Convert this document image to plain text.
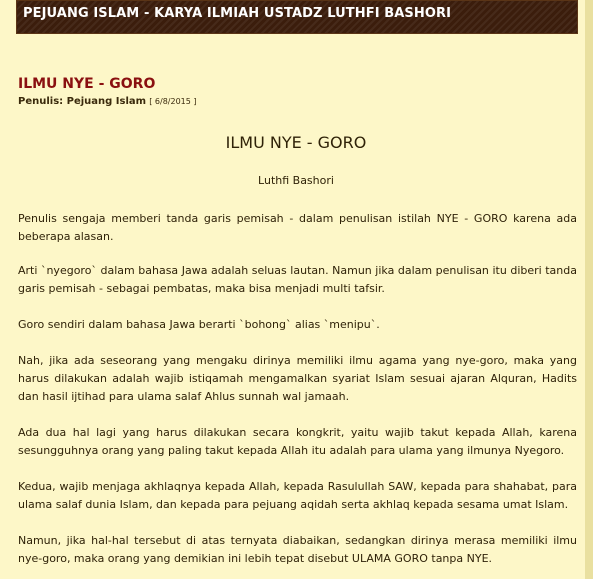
PEJUANG ISLAM - KARYA ILMIAH USTADZ LUTHFI BASHORI
ILMU NYE - GORO
Penulis: Pejuang Islam [ 6/8/2015 ]
ILMU NYE - GORO
Luthfi Bashori

Penulis sengaja memberi tanda garis pemisah - dalam penulisan istilah NYE - GORO karena ada beberapa alasan.

Arti `nyegoro` dalam bahasa Jawa adalah seluas lautan. Namun jika dalam penulisan itu diberi tanda garis pemisah - sebagai pembatas, maka bisa menjadi multi tafsir.

Goro sendiri dalam bahasa Jawa berarti `bohong` alias `menipu`.

Nah, jika ada seseorang yang mengaku dirinya memiliki ilmu agama yang nye-goro, maka yang harus dilakukan adalah wajib istiqamah mengamalkan syariat Islam sesuai ajaran Alquran, Hadits dan hasil ijtihad para ulama salaf Ahlus sunnah wal jamaah.

Ada dua hal lagi yang harus dilakukan secara kongkrit, yaitu wajib takut kepada Allah, karena sesungguhnya orang yang paling takut kepada Allah itu adalah para ulama yang ilmunya Nyegoro.

Kedua, wajib menjaga akhlaqnya kepada Allah, kepada Rasulullah SAW, kepada para shahabat, para ulama salaf dunia Islam, dan kepada para pejuang aqidah serta akhlaq kepada sesama umat Islam.

Namun, jika hal-hal tersebut di atas ternyata diabaikan, sedangkan dirinya merasa memiliki ilmu nye-goro, maka orang yang demikian ini lebih tepat disebut ULAMA GORO tanpa NYE.
